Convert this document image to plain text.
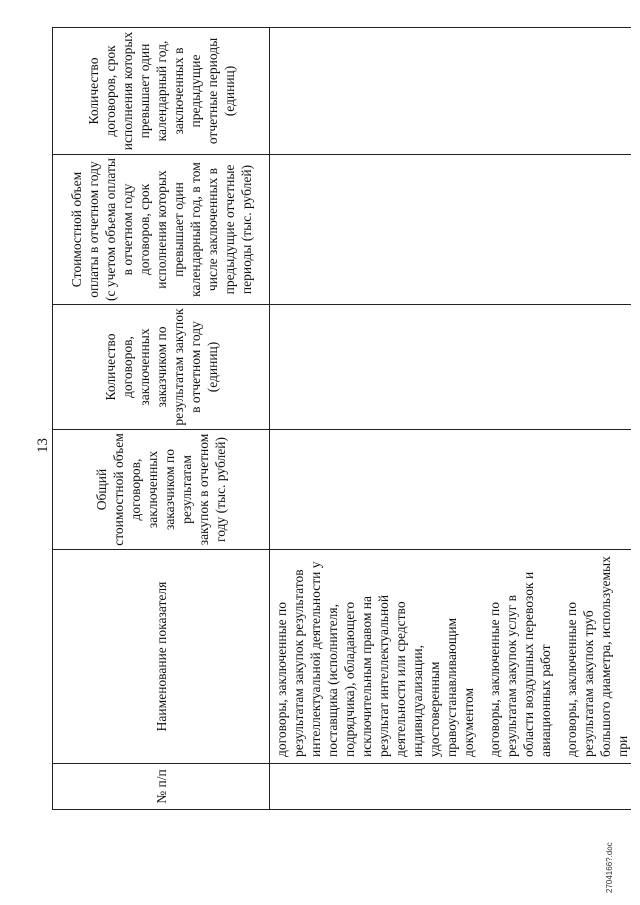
13
№ п/п	Наименование показателя	Общий стоимостной объем договоров, заключенных заказчиком по результатам закупок в отчетном году (тыс. рублей)	Количество договоров, заключенных заказчиком по результатам закупок в отчетном году (единиц)	Стоимостной объем оплаты в отчетном году (с учетом объема оплаты в отчетном году договоров, срок исполнения которых превышает один календарный год, в том числе заключенных в предыдущие отчетные периоды (тыс. рублей)	Количество договоров, срок исполнения которых превышает один календарный год, заключенных в предыдущие отчетные периоды (единиц)

	договоры, заключенные по результатам закупок результатов интеллектуальной деятельности у поставщика (исполнителя, подрядчика), обладающего исключительным правом на результат интеллектуальной деятельности или средство индивидуализации, удостоверенным правоустанавливающим документом договоры, заключенные по результатам закупок услуг в области воздушных перевозок и авиационных работ договоры, заключенные по результатам закупок труб большого диаметра, используемых при				

2704166?.doc
